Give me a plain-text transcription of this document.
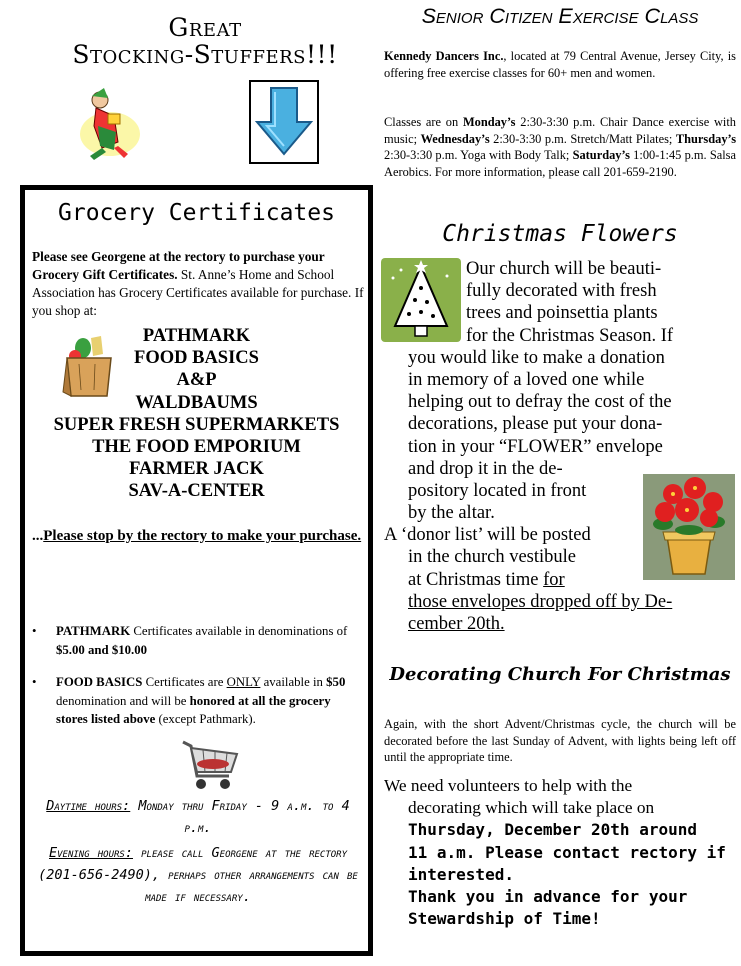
Great
Stocking-Stuffers!!!
Grocery Certificates
Please see Georgene at the rectory to purchase your Grocery Gift Certificates. St. Anne’s Home and School Association has Grocery Certificates available for purchase. If you shop at:
PATHMARK
FOOD BASICS
A&P
WALDBAUMS
SUPER FRESH SUPERMARKETS
THE FOOD EMPORIUM
FARMER JACK
SAV-A-CENTER
...Please stop by the rectory to make your purchase.
• PATHMARK Certificates available in denominations of $5.00 and $10.00
• FOOD BASICS Certificates are ONLY available in $50 denomination and will be honored at all the grocery stores listed above (except Pathmark).
Daytime hours: Monday thru Friday - 9 a.m. to 4 p.m.
Evening hours: please call Georgene at the rectory (201-656-2490), perhaps other arrangements can be made if necessary.
Senior Citizen Exercise Class
Kennedy Dancers Inc., located at 79 Central Avenue, Jersey City, is offering free exercise classes for 60+ men and women.
Classes are on Monday’s 2:30-3:30 p.m. Chair Dance exercise with music; Wednesday’s 2:30-3:30 p.m. Stretch/Matt Pilates; Thursday’s 2:30-3:30 p.m. Yoga with Body Talk; Saturday’s 1:00-1:45 p.m. Salsa Aerobics. For more information, please call 201-659-2190.
Christmas Flowers
Our church will be beauti-
fully decorated with fresh
trees and poinsettia plants
for the Christmas Season. If
you would like to make a donation
in memory of a loved one while
helping out to defray the cost of the
decorations, please put your dona-
tion in your “FLOWER” envelope
and drop it in the de-
pository located in front
by the altar.
A ‘donor list’ will be posted
in the church vestibule
at Christmas time for
those envelopes dropped off by De-
cember 20th.
Decorating Church For Christmas
Again, with the short Advent/Christmas cycle, the church will be decorated before the last Sunday of Advent, with lights being left off until the appropriate time.
We need volunteers to help with the
decorating which will take place on
Thursday, December 20th around
11 a.m. Please contact rectory if
interested.
Thank you in advance for your
Stewardship of Time!
